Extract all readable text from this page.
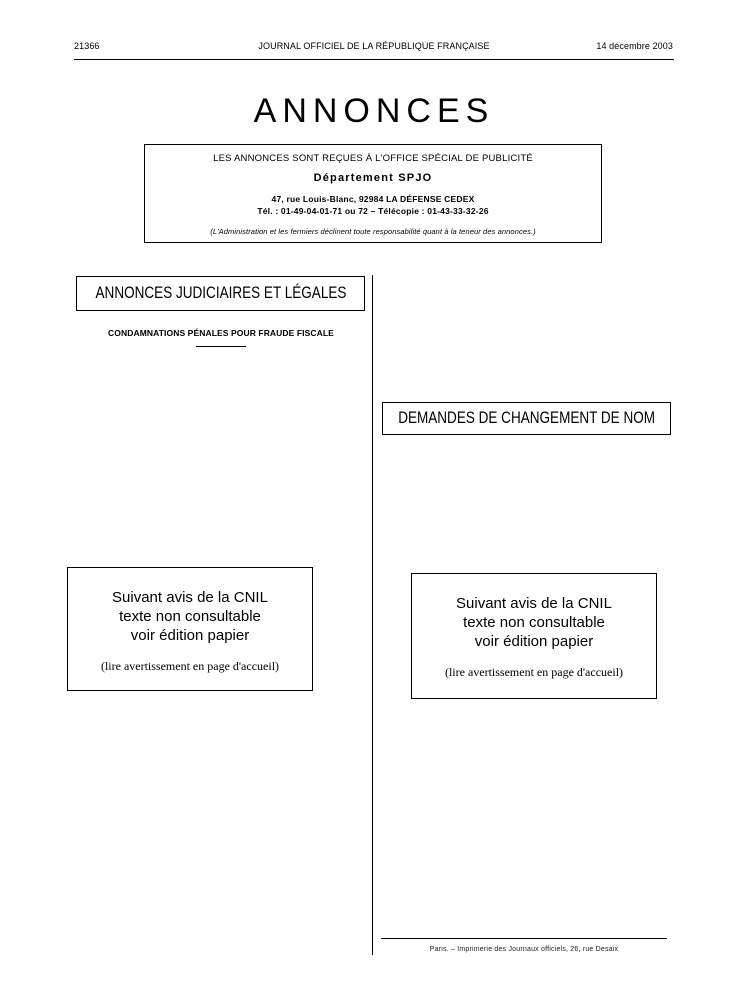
21366	JOURNAL OFFICIEL DE LA RÉPUBLIQUE FRANÇAISE	14 décembre 2003
ANNONCES
LES ANNONCES SONT REÇUES À L'OFFICE SPÉCIAL DE PUBLICITÉ
Département SPJO
47, rue Louis-Blanc, 92984 LA DÉFENSE CEDEX
Tél. : 01-49-04-01-71 ou 72 – Télécopie : 01-43-33-32-26
(L'Administration et les fermiers déclinent toute responsabilité quant à la teneur des annonces.)
ANNONCES JUDICIAIRES ET LÉGALES
CONDAMNATIONS PÉNALES POUR FRAUDE FISCALE
Suivant avis de la CNIL
texte non consultable
voir édition papier
(lire avertissement en page d'accueil)
DEMANDES DE CHANGEMENT DE NOM
Suivant avis de la CNIL
texte non consultable
voir édition papier
(lire avertissement en page d'accueil)
Paris. – Imprimerie des Journaux officiels, 26, rue Desaix
